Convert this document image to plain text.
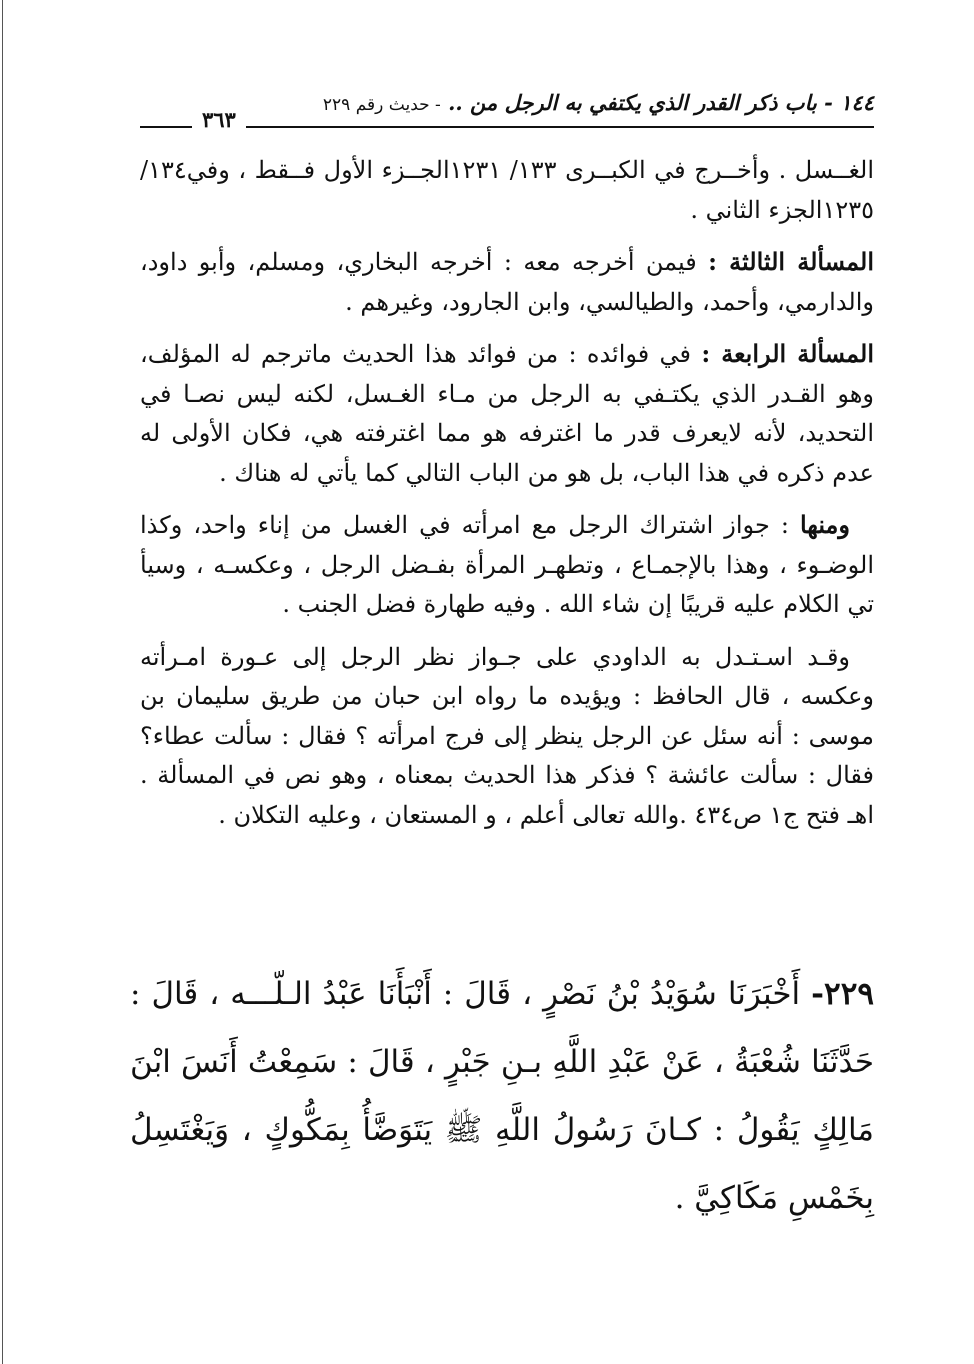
١٤٤ - باب ذكر القدر الذي يكتفي به الرجل من .. - حديث رقم ٢٢٩
٣٦٣

الغــسل . وأخــرج في الكبــرى ١٣٣/ ١٢٣١الجــزء الأول فــقط ، وفي١٣٤/ ١٢٣٥الجزء الثاني .

المسألة الثالثة : فيمن أخرجه معه : أخرجه البخاري، ومسلم، وأبو داود، والدارمي، وأحمد، والطيالسي، وابن الجارود، وغيرهم .

المسألة الرابعة : في فوائده : من فوائد هذا الحديث ماترجم له المؤلف، وهو القـدر الذي يكتـفي به الرجل من مـاء الغـسل، لكنه ليس نصـا في التحديد، لأنه لايعرف قدر ما اغترفه هو مما اغترفته هي، فكان الأولى له عدم ذكره في هذا الباب، بل هو من الباب التالي كما يأتي له هناك .

ومنها : جواز اشتراك الرجل مع امرأته في الغسل من إناء واحد، وكذا الوضـوء ، وهذا بالإجمـاع ، وتطهـر المرأة بفـضل الرجل ، وعكسـه ، وسيأ تي الكلام عليه قريبًا إن شاء الله . وفيه طهارة فضل الجنب .

وقـد اسـتـدل به الداودي على جـواز نظر الرجل إلى عـورة امـرأته وعكسه ، قال الحافظ : ويؤيده ما رواه ابن حبان من طريق سليمان بن موسى : أنه سئل عن الرجل ينظر إلى فرج امرأته ؟ فقال : سألت عطاء؟ فقال : سألت عائشة ؟ فذكر هذا الحديث بمعناه ، وهو نص في المسألة . اهـ فتح ج١ ص٤٣٤ .والله تعالى أعلم ، و المستعان ، وعليه التكلان .

٢٢٩- أَخْبَرَنَا سُوَيْدُ بْنُ نَصْرٍ ، قَالَ : أَنْبَأَنَا عَبْدُ الـلّـــه ، قَالَ : حَدَّثَنَا شُعْبَةُ ، عَنْ عَبْدِ اللَّهِ بـنِ جَبْرٍ ، قَالَ : سَمِعْتُ أَنَسَ ابْنَ مَالِكٍ يَقُولُ : كـانَ رَسُولُ اللَّهِ ﷺ يَتَوَضَّأُ بِمَكُّوكٍ ، وَيَغْتَسِلُ بِخَمْسِ مَكَاكِيَّ .
